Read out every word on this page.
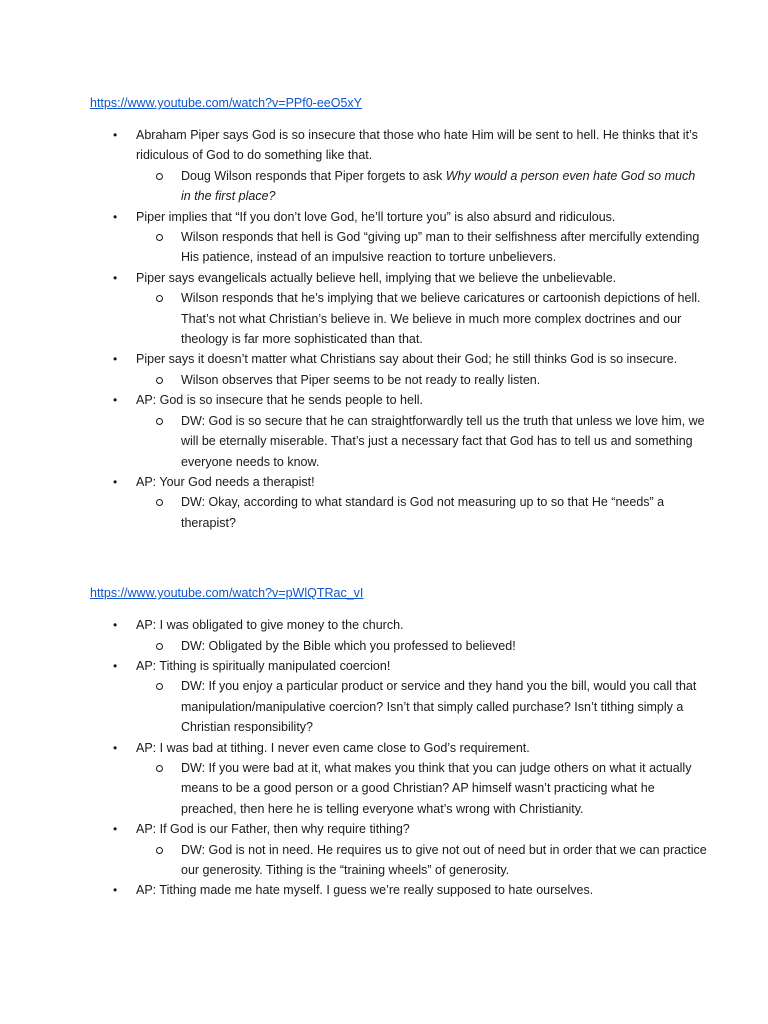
https://www.youtube.com/watch?v=PPf0-eeO5xY
• Abraham Piper says God is so insecure that those who hate Him will be sent to hell. He thinks that it’s ridiculous of God to do something like that.
Doug Wilson responds that Piper forgets to ask Why would a person even hate God so much in the first place?
• Piper implies that “If you don’t love God, he’ll torture you” is also absurd and ridiculous.
Wilson responds that hell is God “giving up” man to their selfishness after mercifully extending His patience, instead of an impulsive reaction to torture unbelievers.
• Piper says evangelicals actually believe hell, implying that we believe the unbelievable.
Wilson responds that he’s implying that we believe caricatures or cartoonish depictions of hell. That’s not what Christian’s believe in. We believe in much more complex doctrines and our theology is far more sophisticated than that.
• Piper says it doesn’t matter what Christians say about their God; he still thinks God is so insecure.
Wilson observes that Piper seems to be not ready to really listen.
• AP: God is so insecure that he sends people to hell.
DW: God is so secure that he can straightforwardly tell us the truth that unless we love him, we will be eternally miserable. That’s just a necessary fact that God has to tell us and something everyone needs to know.
• AP: Your God needs a therapist!
DW: Okay, according to what standard is God not measuring up to so that He “needs” a therapist?
https://www.youtube.com/watch?v=pWlQTRac_vI
• AP: I was obligated to give money to the church.
DW: Obligated by the Bible which you professed to believed!
• AP: Tithing is spiritually manipulated coercion!
DW: If you enjoy a particular product or service and they hand you the bill, would you call that manipulation/manipulative coercion? Isn’t that simply called purchase? Isn’t tithing simply a Christian responsibility?
• AP: I was bad at tithing. I never even came close to God’s requirement.
DW: If you were bad at it, what makes you think that you can judge others on what it actually means to be a good person or a good Christian? AP himself wasn’t practicing what he preached, then here he is telling everyone what’s wrong with Christianity.
• AP: If God is our Father, then why require tithing?
DW: God is not in need. He requires us to give not out of need but in order that we can practice our generosity. Tithing is the “training wheels” of generosity.
• AP: Tithing made me hate myself. I guess we’re really supposed to hate ourselves.
